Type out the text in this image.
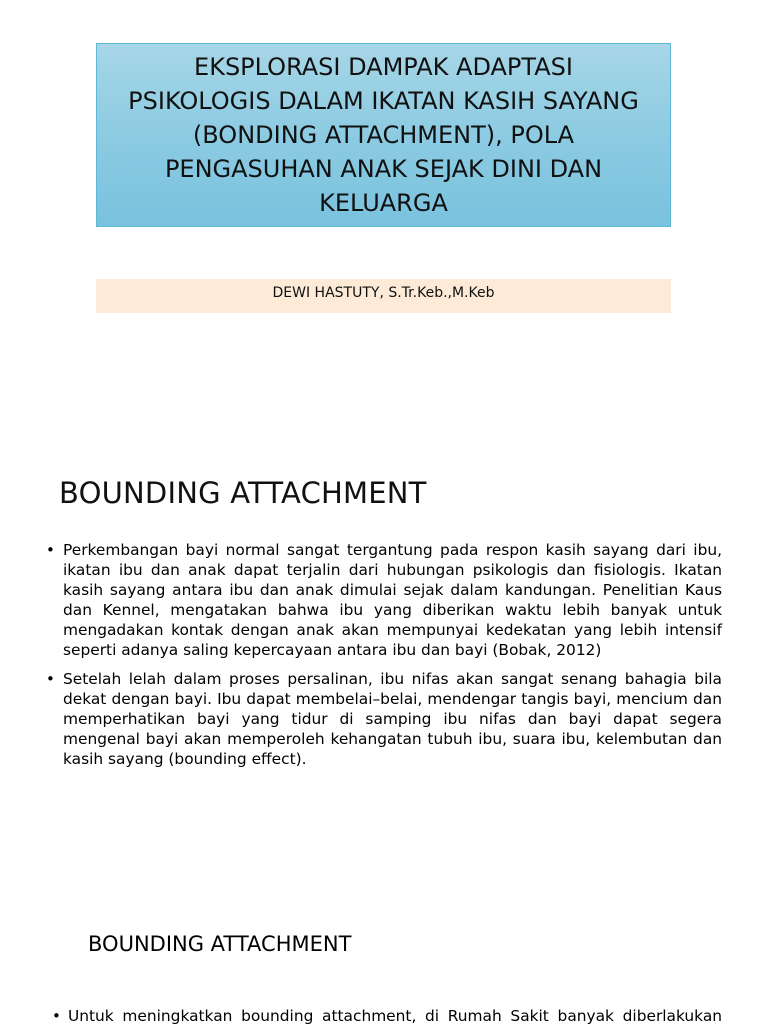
EKSPLORASI DAMPAK ADAPTASI
PSIKOLOGIS DALAM IKATAN KASIH SAYANG
(BONDING ATTACHMENT), POLA
PENGASUHAN ANAK SEJAK DINI DAN
KELUARGA
DEWI HASTUTY, S.Tr.Keb.,M.Keb
BOUNDING ATTACHMENT
• Perkembangan bayi normal sangat tergantung pada respon kasih sayang dari ibu, ikatan ibu dan anak dapat terjalin dari hubungan psikologis dan fisiologis. Ikatan kasih sayang antara ibu dan anak dimulai sejak dalam kandungan. Penelitian Kaus dan Kennel, mengatakan bahwa ibu yang diberikan waktu lebih banyak untuk mengadakan kontak dengan anak akan mempunyai kedekatan yang lebih intensif seperti adanya saling kepercayaan antara ibu dan bayi (Bobak, 2012)
• Setelah lelah dalam proses persalinan, ibu nifas akan sangat senang bahagia bila dekat dengan bayi. Ibu dapat membelai–belai, mendengar tangis bayi, mencium dan memperhatikan bayi yang tidur di samping ibu nifas dan bayi dapat segera mengenal bayi akan memperoleh kehangatan tubuh ibu, suara ibu, kelembutan dan kasih sayang (bounding effect).
BOUNDING ATTACHMENT
• Untuk meningkatkan bounding attachment, di Rumah Sakit banyak diberlakukan
